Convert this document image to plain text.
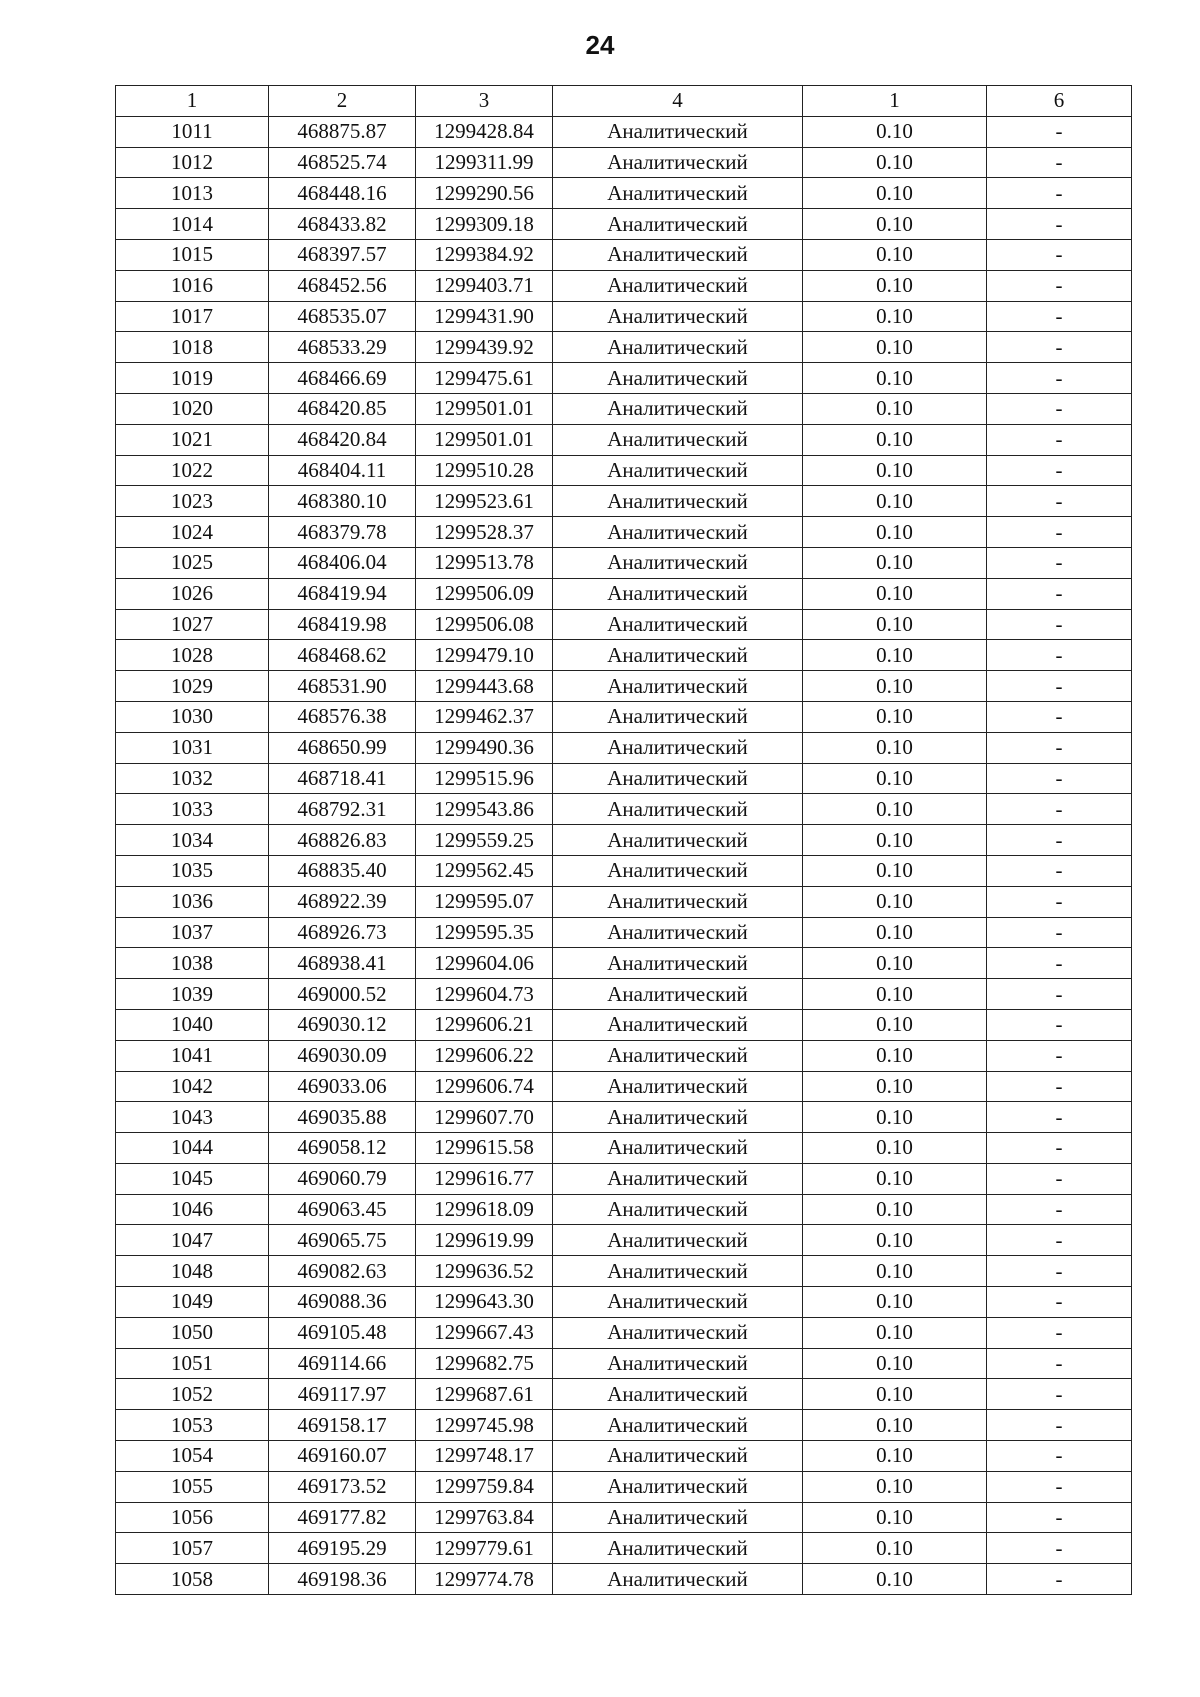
24
1	2	3	4	1	6
1011	468875.87	1299428.84	Аналитический	0.10	-
1012	468525.74	1299311.99	Аналитический	0.10	-
1013	468448.16	1299290.56	Аналитический	0.10	-
1014	468433.82	1299309.18	Аналитический	0.10	-
1015	468397.57	1299384.92	Аналитический	0.10	-
1016	468452.56	1299403.71	Аналитический	0.10	-
1017	468535.07	1299431.90	Аналитический	0.10	-
1018	468533.29	1299439.92	Аналитический	0.10	-
1019	468466.69	1299475.61	Аналитический	0.10	-
1020	468420.85	1299501.01	Аналитический	0.10	-
1021	468420.84	1299501.01	Аналитический	0.10	-
1022	468404.11	1299510.28	Аналитический	0.10	-
1023	468380.10	1299523.61	Аналитический	0.10	-
1024	468379.78	1299528.37	Аналитический	0.10	-
1025	468406.04	1299513.78	Аналитический	0.10	-
1026	468419.94	1299506.09	Аналитический	0.10	-
1027	468419.98	1299506.08	Аналитический	0.10	-
1028	468468.62	1299479.10	Аналитический	0.10	-
1029	468531.90	1299443.68	Аналитический	0.10	-
1030	468576.38	1299462.37	Аналитический	0.10	-
1031	468650.99	1299490.36	Аналитический	0.10	-
1032	468718.41	1299515.96	Аналитический	0.10	-
1033	468792.31	1299543.86	Аналитический	0.10	-
1034	468826.83	1299559.25	Аналитический	0.10	-
1035	468835.40	1299562.45	Аналитический	0.10	-
1036	468922.39	1299595.07	Аналитический	0.10	-
1037	468926.73	1299595.35	Аналитический	0.10	-
1038	468938.41	1299604.06	Аналитический	0.10	-
1039	469000.52	1299604.73	Аналитический	0.10	-
1040	469030.12	1299606.21	Аналитический	0.10	-
1041	469030.09	1299606.22	Аналитический	0.10	-
1042	469033.06	1299606.74	Аналитический	0.10	-
1043	469035.88	1299607.70	Аналитический	0.10	-
1044	469058.12	1299615.58	Аналитический	0.10	-
1045	469060.79	1299616.77	Аналитический	0.10	-
1046	469063.45	1299618.09	Аналитический	0.10	-
1047	469065.75	1299619.99	Аналитический	0.10	-
1048	469082.63	1299636.52	Аналитический	0.10	-
1049	469088.36	1299643.30	Аналитический	0.10	-
1050	469105.48	1299667.43	Аналитический	0.10	-
1051	469114.66	1299682.75	Аналитический	0.10	-
1052	469117.97	1299687.61	Аналитический	0.10	-
1053	469158.17	1299745.98	Аналитический	0.10	-
1054	469160.07	1299748.17	Аналитический	0.10	-
1055	469173.52	1299759.84	Аналитический	0.10	-
1056	469177.82	1299763.84	Аналитический	0.10	-
1057	469195.29	1299779.61	Аналитический	0.10	-
1058	469198.36	1299774.78	Аналитический	0.10	-
